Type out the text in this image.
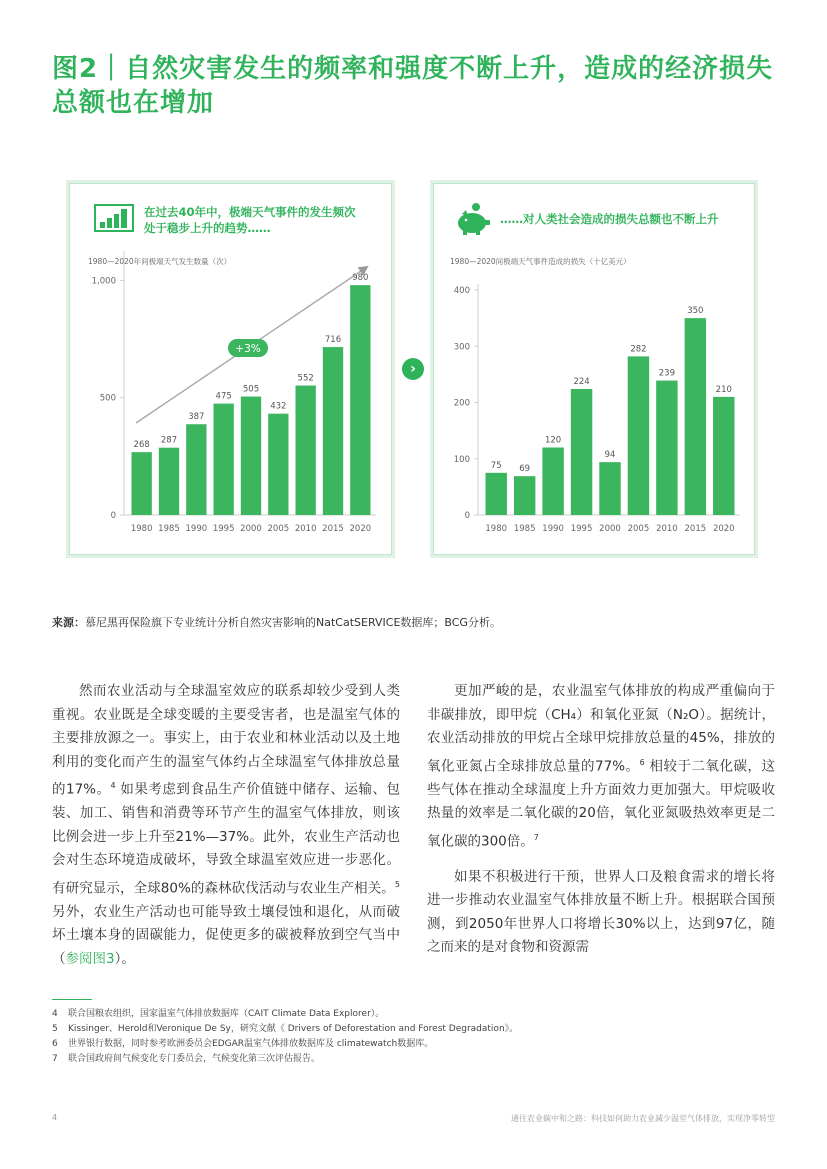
图2｜自然灾害发生的频率和强度不断上升，造成的经济损失总额也在增加
在过去40年中，极端天气事件的发生频次
处于稳步上升的趋势……
1980—2020年间极端天气发生数量（次）
0
500
1,000
268
1980
287
1985
387
1990
475
1995
505
2000
432
2005
552
2010
716
2015
980
2020
+3%
›
……对人类社会造成的损失总额也不断上升
1980—2020间极端天气事件造成的损失（十亿美元）
0
100
200
300
400
75
1980
69
1985
120
1990
224
1995
94
2000
282
2005
239
2010
350
2015
210
2020
来源：慕尼黑再保险旗下专业统计分析自然灾害影响的NatCatSERVICE数据库；BCG分析。

然而农业活动与全球温室效应的联系却较少受到人类重视。农业既是全球变暖的主要受害者，也是温室气体的主要排放源之一。事实上，由于农业和林业活动以及土地利用的变化而产生的温室气体约占全球温室气体排放总量的17%。$^4$ 如果考虑到食品生产价值链中储存、运输、包装、加工、销售和消费等环节产生的温室气体排放，则该比例会进一步上升至21%—37%。此外，农业生产活动也会对生态环境造成破坏，导致全球温室效应进一步恶化。有研究显示，全球80%的森林砍伐活动与农业生产相关。$^5$ 另外，农业生产活动也可能导致土壤侵蚀和退化，从而破坏土壤本身的固碳能力，促使更多的碳被释放到空气当中（参阅图3）。

更加严峻的是，农业温室气体排放的构成严重偏向于非碳排放，即甲烷（CH₄）和氧化亚氮（N₂O）。据统计，农业活动排放的甲烷占全球甲烷排放总量的45%，排放的氧化亚氮占全球排放总量的77%。$^6$ 相较于二氧化碳，这些气体在推动全球温度上升方面效力更加强大。甲烷吸收热量的效率是二氧化碳的20倍，氧化亚氮吸热效率更是二氧化碳的300倍。$^7$

如果不积极进行干预，世界人口及粮食需求的增长将进一步推动农业温室气体排放量不断上升。根据联合国预测，到2050年世界人口将增长30%以上，达到97亿，随之而来的是对食物和资源需

4 联合国粮农组织，国家温室气体排放数据库（CAIT Climate Data Explorer）。
5 Kissinger、Herold和Veronique De Sy，研究文献《 Drivers of Deforestation and Forest Degradation》。
6 世界银行数据，同时参考欧洲委员会EDGAR温室气体排放数据库及 climatewatch数据库。
7 联合国政府间气候变化专门委员会，气候变化第三次评估报告。
4	通往农业碳中和之路：科技如何助力农业减少温室气体排放，实现净零转型
